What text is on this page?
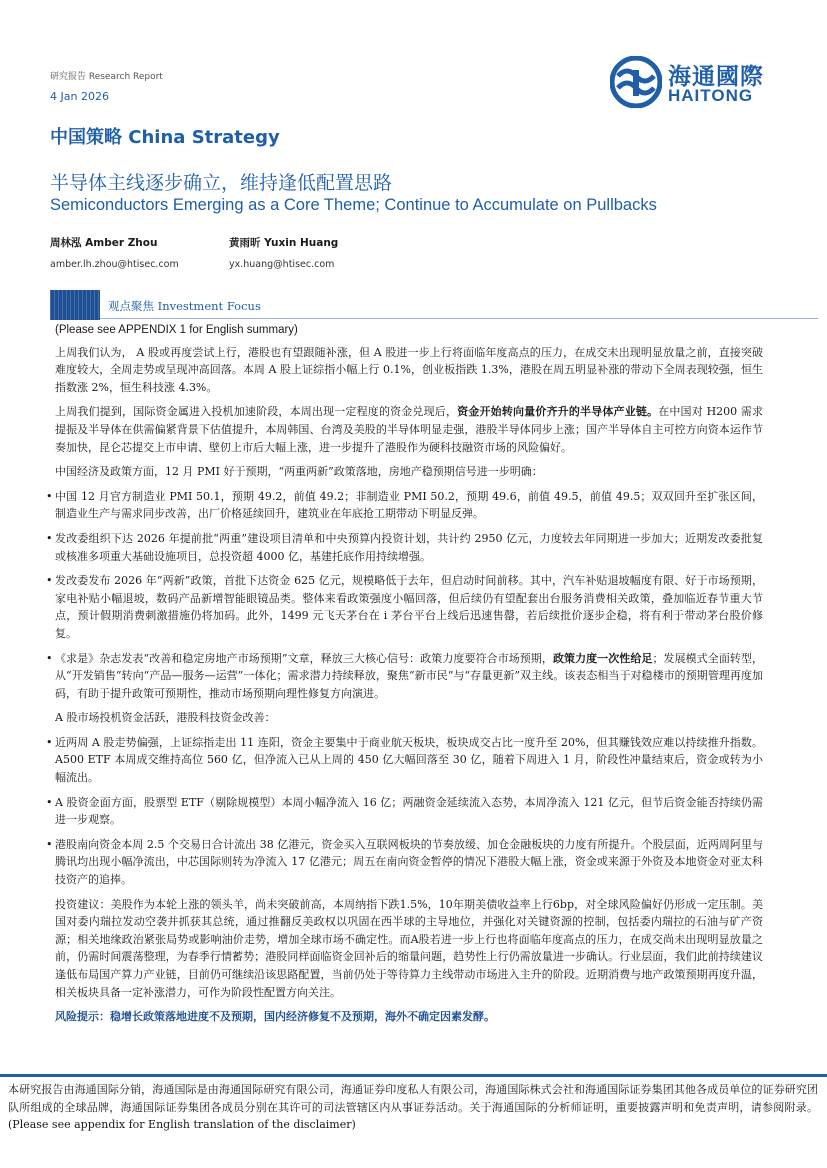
研究报告 Research Report
4 Jan 2026
海通國際
HAITONG
中国策略 China Strategy
半导体主线逐步确立，维持逢低配置思路
Semiconductors Emerging as a Core Theme; Continue to Accumulate on Pullbacks
周林泓 Amber Zhou
amber.lh.zhou@htisec.com
黄雨昕 Yuxin Huang
yx.huang@htisec.com
观点聚焦 Investment Focus

(Please see APPENDIX 1 for English summary)

上周我们认为， A 股或再度尝试上行，港股也有望跟随补涨，但 A 股进一步上行将面临年度高点的压力，在成交未出现明显放量之前，直接突破难度较大，全周走势或呈现冲高回落。本周 A 股上证综指小幅上行 0.1%，创业板指跌 1.3%，港股在周五明显补涨的带动下全周表现较强，恒生指数涨 2%，恒生科技涨 4.3%。

上周我们提到，国际资金属进入投机加速阶段，本周出现一定程度的资金兑现后，资金开始转向量价齐升的半导体产业链。在中国对 H200 需求提振及半导体在供需偏紧背景下估值提升，本周韩国、台湾及美股的半导体明显走强，港股半导体同步上涨；国产半导体自主可控方向资本运作节奏加快，昆仑芯提交上市申请、壁仞上市后大幅上涨，进一步提升了港股作为硬科技融资市场的风险偏好。

中国经济及政策方面，12 月 PMI 好于预期，“两重两新”政策落地，房地产稳预期信号进一步明确：

• 中国 12 月官方制造业 PMI 50.1，预期 49.2，前值 49.2；非制造业 PMI 50.2，预期 49.6，前值 49.5，前值 49.5；双双回升至扩张区间，制造业生产与需求同步改善，出厂价格延续回升，建筑业在年底抢工期带动下明显反弹。
• 发改委组织下达 2026 年提前批“两重”建设项目清单和中央预算内投资计划，共计约 2950 亿元，力度较去年同期进一步加大；近期发改委批复或核准多项重大基础设施项目，总投资超 4000 亿，基建托底作用持续增强。
• 发改委发布 2026 年“两新”政策，首批下达资金 625 亿元，规模略低于去年，但启动时间前移。其中，汽车补贴退坡幅度有限、好于市场预期，家电补贴小幅退坡，数码产品新增智能眼镜品类。整体来看政策强度小幅回落，但后续仍有望配套出台服务消费相关政策，叠加临近春节重大节点，预计假期消费刺激措施仍将加码。此外，1499 元飞天茅台在 i 茅台平台上线后迅速售罄，若后续批价逐步企稳，将有利于带动茅台股价修复。
• 《求是》杂志发表“改善和稳定房地产市场预期”文章，释放三大核心信号：政策力度要符合市场预期，政策力度一次性给足；发展模式全面转型，从“开发销售”转向“产品—服务—运营”一体化；需求潜力持续释放，聚焦“新市民”与“存量更新”双主线。该表态相当于对稳楼市的预期管理再度加码，有助于提升政策可预期性，推动市场预期向理性修复方向演进。

A 股市场投机资金活跃，港股科技资金改善：

• 近两周 A 股走势偏强，上证综指走出 11 连阳，资金主要集中于商业航天板块，板块成交占比一度升至 20%，但其赚钱效应难以持续推升指数。A500 ETF 本周成交维持高位 560 亿，但净流入已从上周的 450 亿大幅回落至 30 亿，随着下周进入 1 月，阶段性冲量结束后，资金或转为小幅流出。
• A 股资金面方面，股票型 ETF（剔除规模型）本周小幅净流入 16 亿；两融资金延续流入态势，本周净流入 121 亿元，但节后资金能否持续仍需进一步观察。
• 港股南向资金本周 2.5 个交易日合计流出 38 亿港元，资金买入互联网板块的节奏放缓、加仓金融板块的力度有所提升。个股层面，近两周阿里与腾讯均出现小幅净流出，中芯国际则转为净流入 17 亿港元；周五在南向资金暂停的情况下港股大幅上涨，资金或来源于外资及本地资金对亚太科技资产的追捧。

投资建议：美股作为本轮上涨的领头羊，尚未突破前高，本周纳指下跌1.5%，10年期美债收益率上行6bp，对全球风险偏好仍形成一定压制。美国对委内瑞拉发动空袭并抓获其总统，通过推翻反美政权以巩固在西半球的主导地位，并强化对关键资源的控制，包括委内瑞拉的石油与矿产资源；相关地缘政治紧张局势或影响油价走势，增加全球市场不确定性。而A股若进一步上行也将面临年度高点的压力，在成交尚未出现明显放量之前，仍需时间震荡整理，为春季行情蓄势；港股同样面临资金回补后的缩量问题，趋势性上行仍需放量进一步确认。行业层面，我们此前持续建议逢低布局国产算力产业链，目前仍可继续沿该思路配置，当前仍处于等待算力主线带动市场进入主升的阶段。近期消费与地产政策预期再度升温，相关板块具备一定补涨潜力，可作为阶段性配置方向关注。

风险提示：稳增长政策落地进度不及预期，国内经济修复不及预期，海外不确定因素发酵。

本研究报告由海通国际分销，海通国际是由海通国际研究有限公司，海通证券印度私人有限公司，海通国际株式会社和海通国际证券集团其他各成员单位的证券研究团队所组成的全球品牌，海通国际证券集团各成员分别在其许可的司法管辖区内从事证券活动。关于海通国际的分析师证明，重要披露声明和免责声明，请参阅附录。(Please see appendix for English translation of the disclaimer)
